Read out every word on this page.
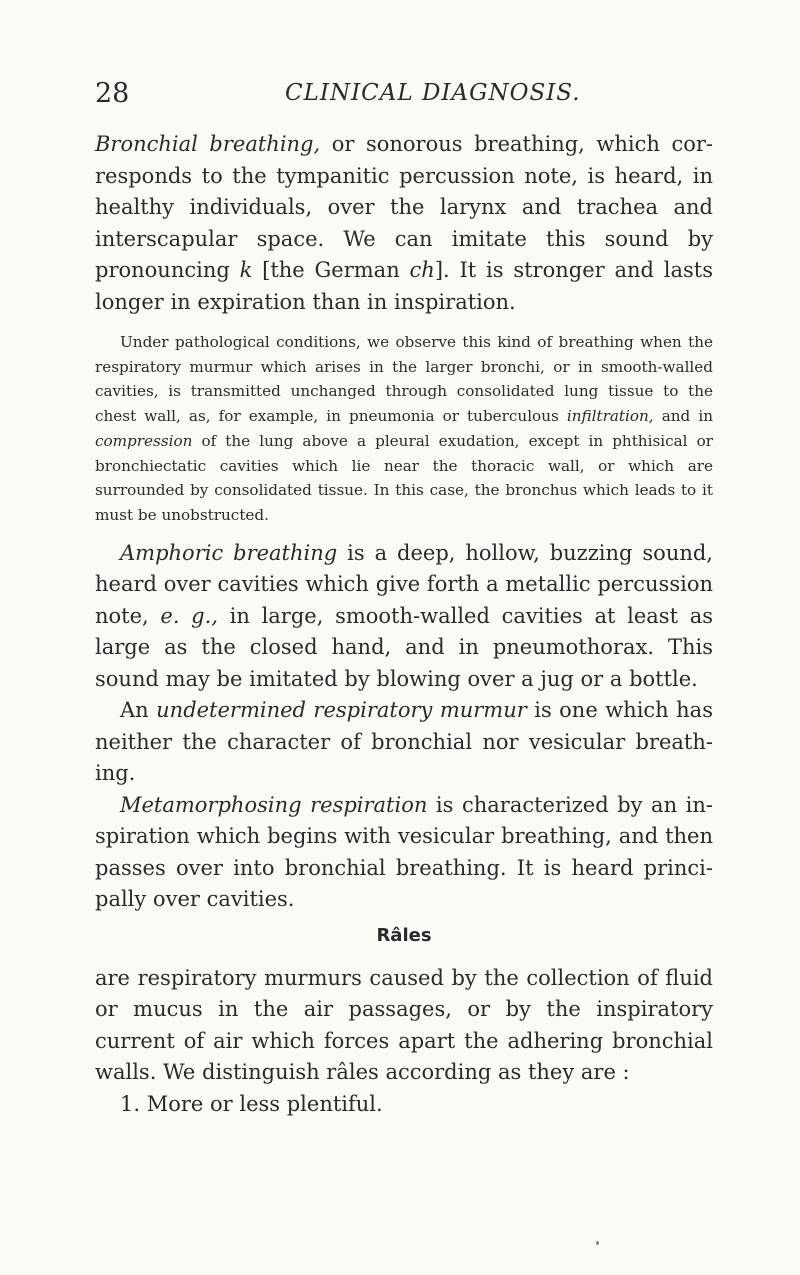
28	CLINICAL DIAGNOSIS.

Bronchial breathing, or sonorous breathing, which corresponds to the tympanitic percussion note, is heard, in healthy individuals, over the larynx and trachea and interscapular space. We can imitate this sound by pronouncing k [the German ch]. It is stronger and lasts longer in expiration than in inspiration.

Under pathological conditions, we observe this kind of breathing when the respiratory murmur which arises in the larger bronchi, or in smooth-walled cavities, is transmitted unchanged through consolidated lung tissue to the chest wall, as, for example, in pneumonia or tuberculous infiltration, and in compression of the lung above a pleural exudation, except in phthisical or bronchiectatic cavities which lie near the thoracic wall, or which are surrounded by consolidated tissue. In this case, the bronchus which leads to it must be unobstructed.

Amphoric breathing is a deep, hollow, buzzing sound, heard over cavities which give forth a metallic percussion note, e. g., in large, smooth-walled cavities at least as large as the closed hand, and in pneumothorax. This sound may be imitated by blowing over a jug or a bottle.

An undetermined respiratory murmur is one which has neither the character of bronchial nor vesicular breathing.

Metamorphosing respiration is characterized by an inspiration which begins with vesicular breathing, and then passes over into bronchial breathing. It is heard principally over cavities.

Râles

are respiratory murmurs caused by the collection of fluid or mucus in the air passages, or by the inspiratory current of air which forces apart the adhering bronchial walls. We distinguish râles according as they are :

1. More or less plentiful.
